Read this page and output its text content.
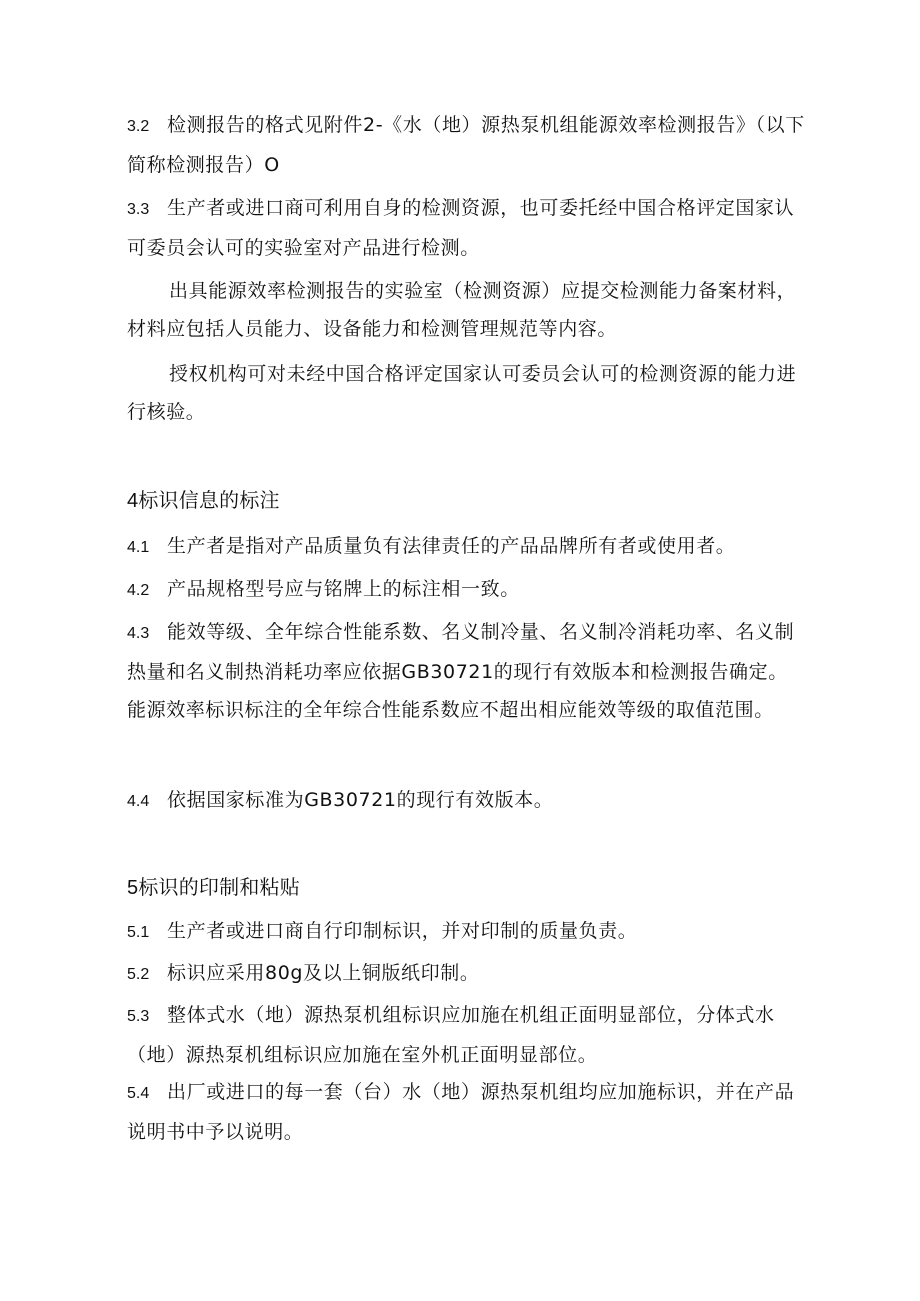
3.2 检测报告的格式见附件2-《水（地）源热泵机组能源效率检测报告》（以下简称检测报告）O

3.3 生产者或进口商可利用自身的检测资源，也可委托经中国合格评定国家认可委员会认可的实验室对产品进行检测。

出具能源效率检测报告的实验室（检测资源）应提交检测能力备案材料，材料应包括人员能力、设备能力和检测管理规范等内容。

授权机构可对未经中国合格评定国家认可委员会认可的检测资源的能力进行核验。

4标识信息的标注

4.1 生产者是指对产品质量负有法律责任的产品品牌所有者或使用者。

4.2 产品规格型号应与铭牌上的标注相一致。

4.3 能效等级、全年综合性能系数、名义制冷量、名义制冷消耗功率、名义制热量和名义制热消耗功率应依据GB30721的现行有效版本和检测报告确定。能源效率标识标注的全年综合性能系数应不超出相应能效等级的取值范围。

4.4 依据国家标准为GB30721的现行有效版本。

5标识的印制和粘贴

5.1 生产者或进口商自行印制标识，并对印制的质量负责。

5.2 标识应采用80g及以上铜版纸印制。

5.3 整体式水（地）源热泵机组标识应加施在机组正面明显部位，分体式水（地）源热泵机组标识应加施在室外机正面明显部位。

5.4 出厂或进口的每一套（台）水（地）源热泵机组均应加施标识，并在产品说明书中予以说明。
